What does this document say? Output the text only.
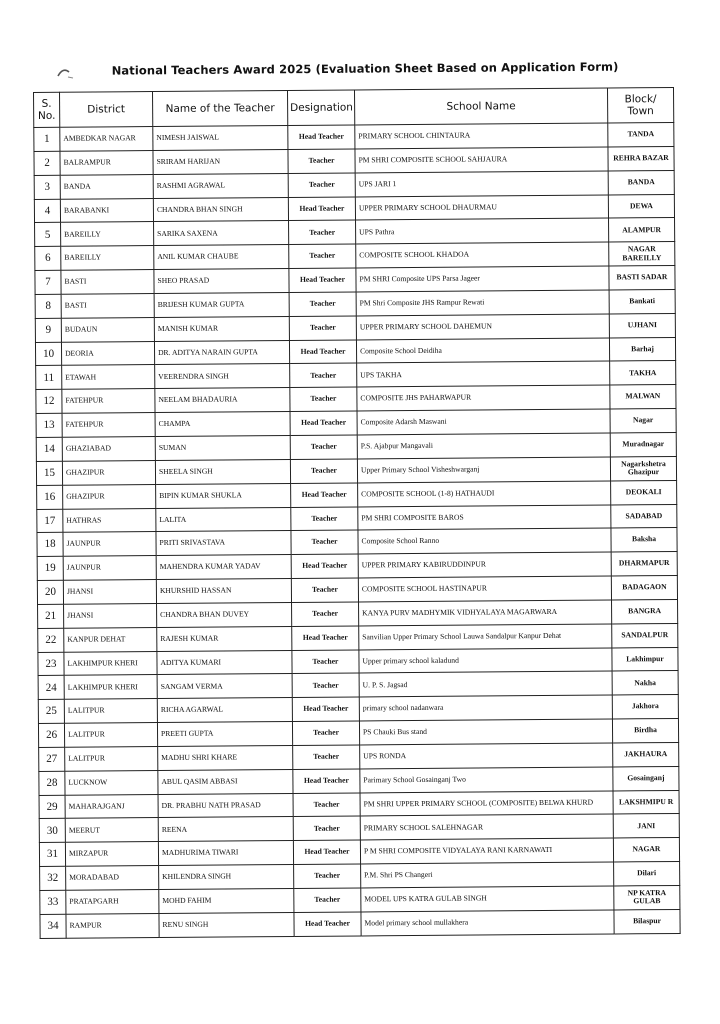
National Teachers Award 2025 (Evaluation Sheet Based on Application Form)
S. No.	District	Name of the Teacher	Designation	School Name	Block/ Town
1	AMBEDKAR NAGAR	NIMESH JAISWAL	Head Teacher	PRIMARY SCHOOL CHINTAURA	TANDA
2	BALRAMPUR	SRIRAM HARIJAN	Teacher	PM SHRI COMPOSITE SCHOOL SAHJAURA	REHRA BAZAR
3	BANDA	RASHMI AGRAWAL	Teacher	UPS JARI 1	BANDA
4	BARABANKI	CHANDRA BHAN SINGH	Head Teacher	UPPER PRIMARY SCHOOL DHAURMAU	DEWA
5	BAREILLY	SARIKA SAXENA	Teacher	UPS Pathra	ALAMPUR
6	BAREILLY	ANIL KUMAR CHAUBE	Teacher	COMPOSITE SCHOOL KHADOA	NAGAR BAREILLY
7	BASTI	SHEO PRASAD	Head Teacher	PM SHRI Composite UPS Parsa Jageer	BASTI SADAR
8	BASTI	BRIJESH KUMAR GUPTA	Teacher	PM Shri Composite JHS Rampur Rewati	Bankati
9	BUDAUN	MANISH KUMAR	Teacher	UPPER PRIMARY SCHOOL DAHEMUN	UJHANI
10	DEORIA	DR. ADITYA NARAIN GUPTA	Head Teacher	Composite School Deidiha	Barhaj
11	ETAWAH	VEERENDRA SINGH	Teacher	UPS TAKHA	TAKHA
12	FATEHPUR	NEELAM BHADAURIA	Teacher	COMPOSITE JHS PAHARWAPUR	MALWAN
13	FATEHPUR	CHAMPA	Head Teacher	Composite Adarsh Maswani	Nagar
14	GHAZIABAD	SUMAN	Teacher	P.S. Ajabpur Mangavali	Muradnagar
15	GHAZIPUR	SHEELA SINGH	Teacher	Upper Primary School Visheshwarganj	Nagarkshetra Ghazipur
16	GHAZIPUR	BIPIN KUMAR SHUKLA	Head Teacher	COMPOSITE SCHOOL (1-8) HATHAUDI	DEOKALI
17	HATHRAS	LALITA	Teacher	PM SHRI COMPOSITE BAROS	SADABAD
18	JAUNPUR	PRITI SRIVASTAVA	Teacher	Composite School Ranno	Baksha
19	JAUNPUR	MAHENDRA KUMAR YADAV	Head Teacher	UPPER PRIMARY KABIRUDDINPUR	DHARMAPUR
20	JHANSI	KHURSHID HASSAN	Teacher	COMPOSITE SCHOOL HASTINAPUR	BADAGAON
21	JHANSI	CHANDRA BHAN DUVEY	Teacher	KANYA PURV MADHYMIK VIDHYALAYA MAGARWARA	BANGRA
22	KANPUR DEHAT	RAJESH KUMAR	Head Teacher	Sanvilian Upper Primary School Lauwa Sandalpur Kanpur Dehat	SANDALPUR
23	LAKHIMPUR KHERI	ADITYA KUMARI	Teacher	Upper primary school kaladund	Lakhimpur
24	LAKHIMPUR KHERI	SANGAM VERMA	Teacher	U. P. S. Jagsad	Nakha
25	LALITPUR	RICHA AGARWAL	Head Teacher	primary school nadanwara	Jakhora
26	LALITPUR	PREETI GUPTA	Teacher	PS Chauki Bus stand	Birdha
27	LALITPUR	MADHU SHRI KHARE	Teacher	UPS RONDA	JAKHAURA
28	LUCKNOW	ABUL QASIM ABBASI	Head Teacher	Parimary School Gosainganj Two	Gosainganj
29	MAHARAJGANJ	DR. PRABHU NATH PRASAD	Teacher	PM SHRI UPPER PRIMARY SCHOOL (COMPOSITE) BELWA KHURD	LAKSHMIPU R
30	MEERUT	REENA	Teacher	PRIMARY SCHOOL SALEHNAGAR	JANI
31	MIRZAPUR	MADHURIMA TIWARI	Head Teacher	P M SHRI COMPOSITE VIDYALAYA RANI KARNAWATI	NAGAR
32	MORADABAD	KHILENDRA SINGH	Teacher	P.M. Shri PS Changeri	Dilari
33	PRATAPGARH	MOHD FAHIM	Teacher	MODEL UPS KATRA GULAB SINGH	NP KATRA GULAB
34	RAMPUR	RENU SINGH	Head Teacher	Model primary school mullakhera	Bilaspur
